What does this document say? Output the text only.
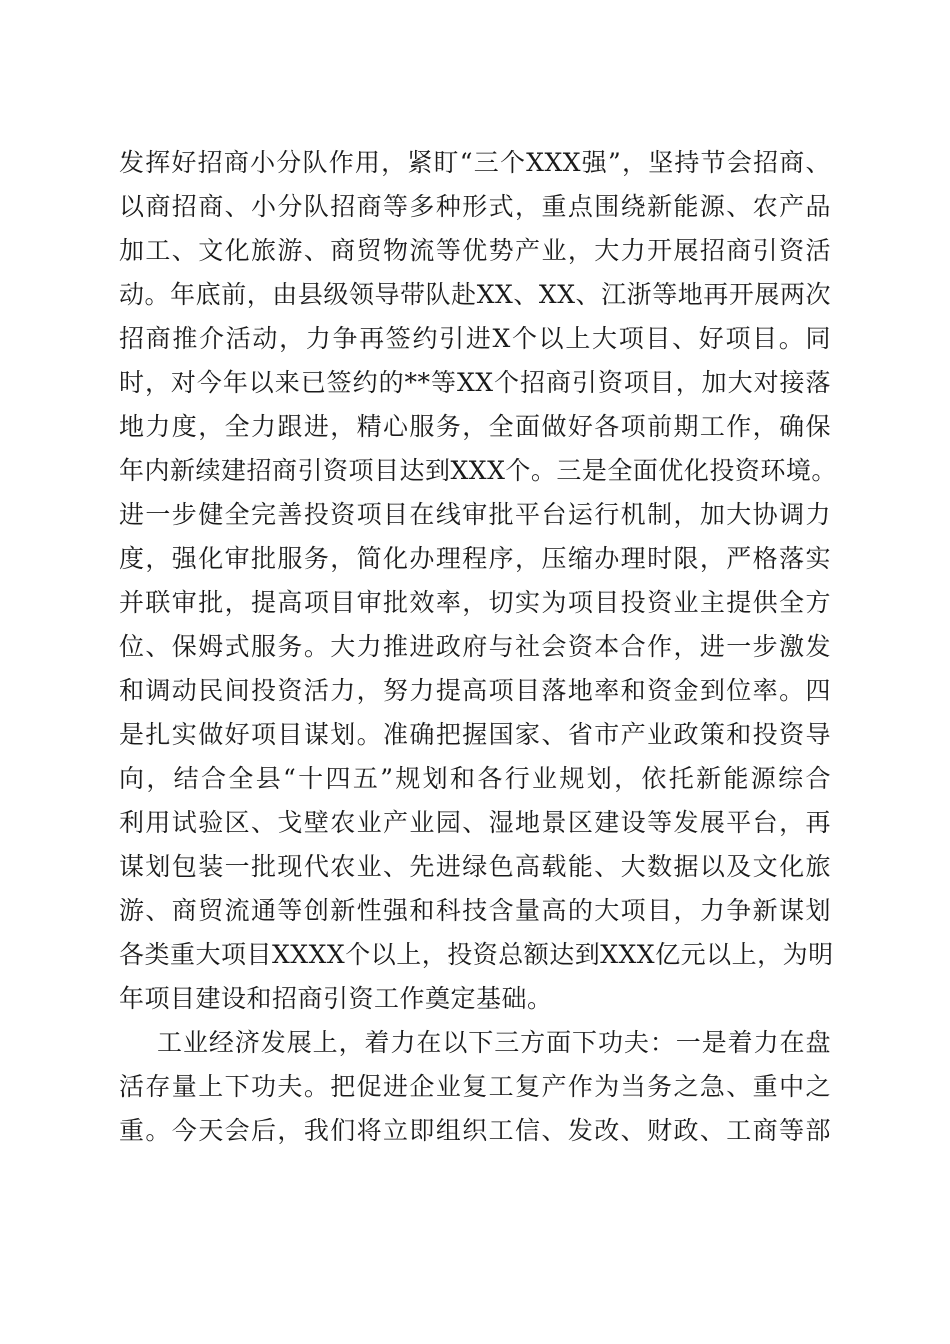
发挥好招商小分队作用，紧盯“三个XXX强”，坚持节会招商、
以商招商、小分队招商等多种形式，重点围绕新能源、农产品
加工、文化旅游、商贸物流等优势产业，大力开展招商引资活
动。年底前，由县级领导带队赴XX、XX、江浙等地再开展两次
招商推介活动，力争再签约引进X个以上大项目、好项目。同
时，对今年以来已签约的**等XX个招商引资项目，加大对接落
地力度，全力跟进，精心服务，全面做好各项前期工作，确保
年内新续建招商引资项目达到XXX个。三是全面优化投资环境。
进一步健全完善投资项目在线审批平台运行机制，加大协调力
度，强化审批服务，简化办理程序，压缩办理时限，严格落实
并联审批，提高项目审批效率，切实为项目投资业主提供全方
位、保姆式服务。大力推进政府与社会资本合作，进一步激发
和调动民间投资活力，努力提高项目落地率和资金到位率。四
是扎实做好项目谋划。准确把握国家、省市产业政策和投资导
向，结合全县“十四五”规划和各行业规划，依托新能源综合
利用试验区、戈壁农业产业园、湿地景区建设等发展平台，再
谋划包装一批现代农业、先进绿色高载能、大数据以及文化旅
游、商贸流通等创新性强和科技含量高的大项目，力争新谋划
各类重大项目XXXX个以上，投资总额达到XXX亿元以上，为明
年项目建设和招商引资工作奠定基础。
工业经济发展上，着力在以下三方面下功夫：一是着力在盘
活存量上下功夫。把促进企业复工复产作为当务之急、重中之
重。今天会后，我们将立即组织工信、发改、财政、工商等部
